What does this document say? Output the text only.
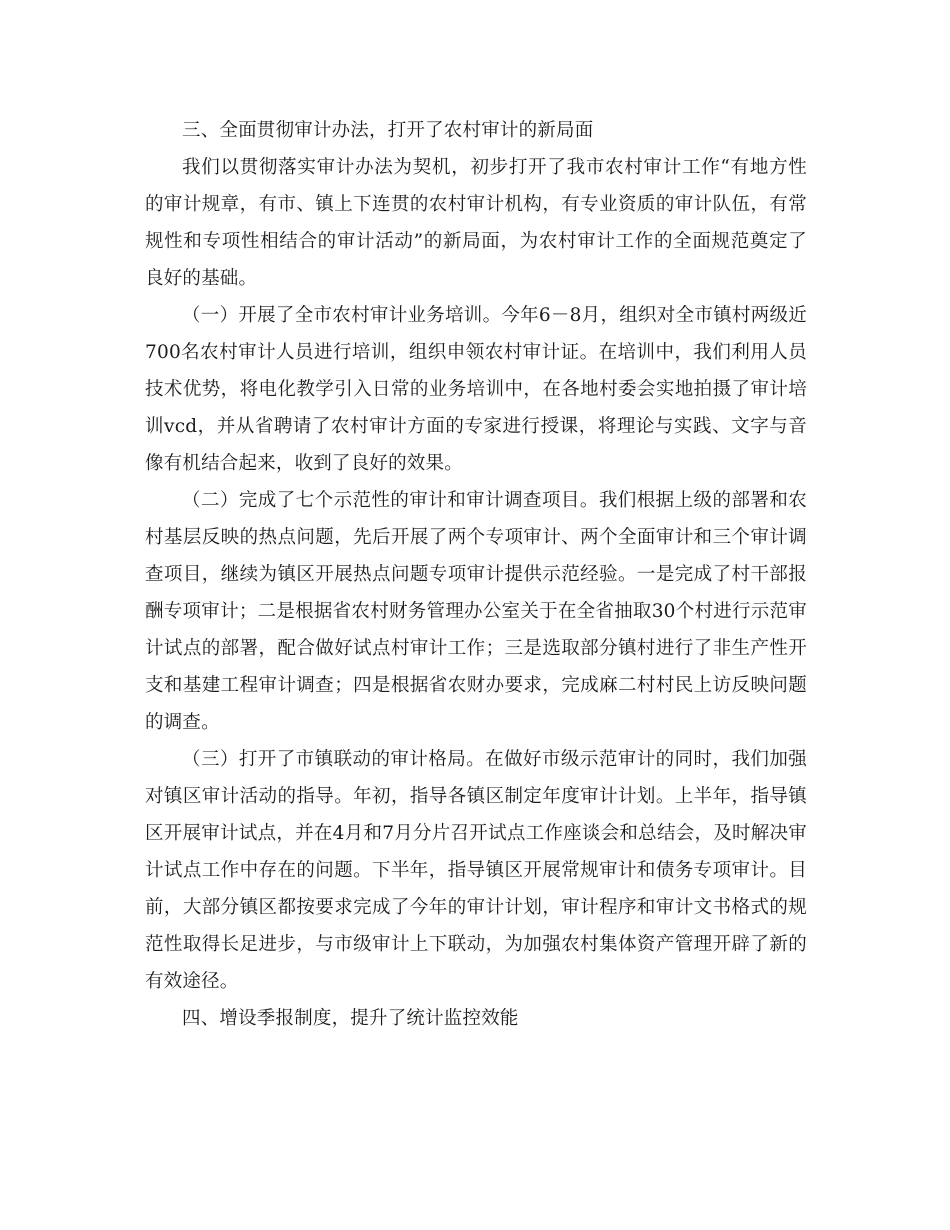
三、全面贯彻审计办法，打开了农村审计的新局面

我们以贯彻落实审计办法为契机，初步打开了我市农村审计工作“有地方性的审计规章，有市、镇上下连贯的农村审计机构，有专业资质的审计队伍，有常规性和专项性相结合的审计活动”的新局面，为农村审计工作的全面规范奠定了良好的基础。

（一）开展了全市农村审计业务培训。今年6－8月，组织对全市镇村两级近700名农村审计人员进行培训，组织申领农村审计证。在培训中，我们利用人员技术优势，将电化教学引入日常的业务培训中，在各地村委会实地拍摄了审计培训vcd，并从省聘请了农村审计方面的专家进行授课，将理论与实践、文字与音像有机结合起来，收到了良好的效果。

（二）完成了七个示范性的审计和审计调查项目。我们根据上级的部署和农村基层反映的热点问题，先后开展了两个专项审计、两个全面审计和三个审计调查项目，继续为镇区开展热点问题专项审计提供示范经验。一是完成了村干部报酬专项审计；二是根据省农村财务管理办公室关于在全省抽取30个村进行示范审计试点的部署，配合做好试点村审计工作；三是选取部分镇村进行了非生产性开支和基建工程审计调查；四是根据省农财办要求，完成麻二村村民上访反映问题的调查。

（三）打开了市镇联动的审计格局。在做好市级示范审计的同时，我们加强对镇区审计活动的指导。年初，指导各镇区制定年度审计计划。上半年，指导镇区开展审计试点，并在4月和7月分片召开试点工作座谈会和总结会，及时解决审计试点工作中存在的问题。下半年，指导镇区开展常规审计和债务专项审计。目前，大部分镇区都按要求完成了今年的审计计划，审计程序和审计文书格式的规范性取得长足进步，与市级审计上下联动，为加强农村集体资产管理开辟了新的有效途径。

四、增设季报制度，提升了统计监控效能
